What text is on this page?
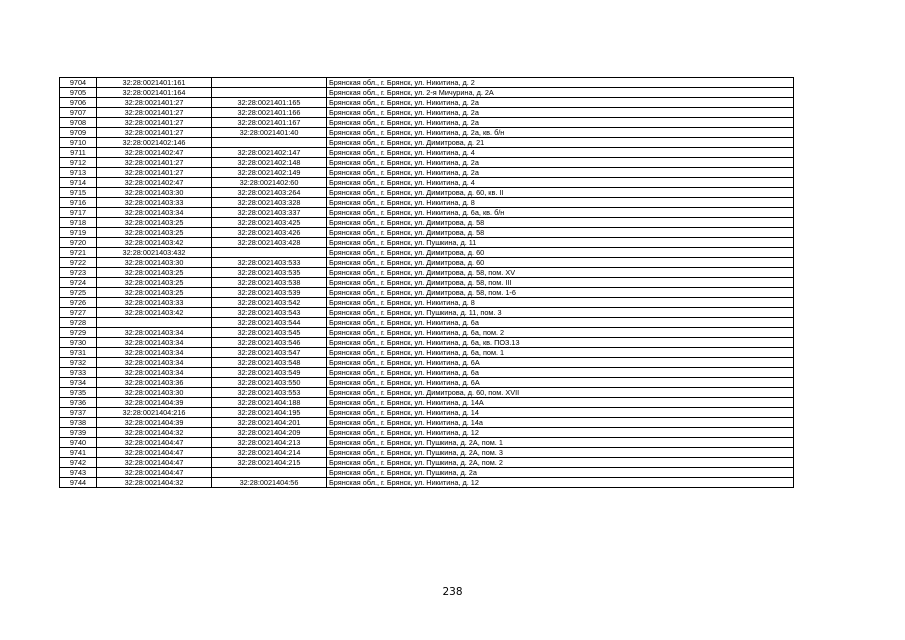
9704	32:28:0021401:161		Брянская обл., г. Брянск, ул. Никитина, д. 2
9705	32:28:0021401:164		Брянская обл., г. Брянск, ул. 2-я Мичурина, д. 2А
9706	32:28:0021401:27	32:28:0021401:165	Брянская обл., г. Брянск, ул. Никитина, д. 2а
9707	32:28:0021401:27	32:28:0021401:166	Брянская обл., г. Брянск, ул. Никитина, д. 2а
9708	32:28:0021401:27	32:28:0021401:167	Брянская обл., г. Брянск, ул. Никитина, д. 2а
9709	32:28:0021401:27	32:28:0021401:40	Брянская обл., г. Брянск, ул. Никитина, д. 2а, кв. б/н
9710	32:28:0021402:146		Брянская обл., г. Брянск, ул. Димитрова, д. 21
9711	32:28:0021402:47	32:28:0021402:147	Брянская обл., г. Брянск, ул. Никитина, д. 4
9712	32:28:0021401:27	32:28:0021402:148	Брянская обл., г. Брянск, ул. Никитина, д. 2а
9713	32:28:0021401:27	32:28:0021402:149	Брянская обл., г. Брянск, ул. Никитина, д. 2а
9714	32:28:0021402:47	32:28:0021402:60	Брянская обл., г. Брянск, ул. Никитина, д. 4
9715	32:28:0021403:30	32:28:0021403:264	Брянская обл., г. Брянск, ул. Димитрова, д. 60, кв. II
9716	32:28:0021403:33	32:28:0021403:328	Брянская обл., г. Брянск, ул. Никитина, д. 8
9717	32:28:0021403:34	32:28:0021403:337	Брянская обл., г. Брянск, ул. Никитина, д. 6а, кв. б/н
9718	32:28:0021403:25	32:28:0021403:425	Брянская обл., г. Брянск, ул. Димитрова, д. 58
9719	32:28:0021403:25	32:28:0021403:426	Брянская обл., г. Брянск, ул. Димитрова, д. 58
9720	32:28:0021403:42	32:28:0021403:428	Брянская обл., г. Брянск, ул. Пушкина, д. 11
9721	32:28:0021403:432		Брянская обл., г. Брянск, ул. Димитрова, д. 60
9722	32:28:0021403:30	32:28:0021403:533	Брянская обл., г. Брянск, ул. Димитрова, д. 60
9723	32:28:0021403:25	32:28:0021403:535	Брянская обл., г. Брянск, ул. Димитрова, д. 58, пом. XV
9724	32:28:0021403:25	32:28:0021403:538	Брянская обл., г. Брянск, ул. Димитрова, д. 58, пом. III
9725	32:28:0021403:25	32:28:0021403:539	Брянская обл., г. Брянск, ул. Димитрова, д. 58, пом. 1-6
9726	32:28:0021403:33	32:28:0021403:542	Брянская обл., г. Брянск, ул. Никитина, д. 8
9727	32:28:0021403:42	32:28:0021403:543	Брянская обл., г. Брянск, ул. Пушкина, д. 11, пом. 3
9728		32:28:0021403:544	Брянская обл., г. Брянск, ул. Никитина, д. 6а
9729	32:28:0021403:34	32:28:0021403:545	Брянская обл., г. Брянск, ул. Никитина, д. 6а, пом. 2
9730	32:28:0021403:34	32:28:0021403:546	Брянская обл., г. Брянск, ул. Никитина, д. 6а, кв. ПОЗ.13
9731	32:28:0021403:34	32:28:0021403:547	Брянская обл., г. Брянск, ул. Никитина, д. 6а, пом. 1
9732	32:28:0021403:34	32:28:0021403:548	Брянская обл., г. Брянск, ул. Никитина, д. 6А
9733	32:28:0021403:34	32:28:0021403:549	Брянская обл., г. Брянск, ул. Никитина, д. 6а
9734	32:28:0021403:36	32:28:0021403:550	Брянская обл., г. Брянск, ул. Никитина, д. 6А
9735	32:28:0021403:30	32:28:0021403:553	Брянская обл., г. Брянск, ул. Димитрова, д. 60, пом. XVII
9736	32:28:0021404:39	32:28:0021404:188	Брянская обл., г. Брянск, ул. Никитина, д. 14А
9737	32:28:0021404:216	32:28:0021404:195	Брянская обл., г. Брянск, ул. Никитина, д. 14
9738	32:28:0021404:39	32:28:0021404:201	Брянская обл., г. Брянск, ул. Никитина, д. 14а
9739	32:28:0021404:32	32:28:0021404:209	Брянская обл., г. Брянск, ул. Никитина, д. 12
9740	32:28:0021404:47	32:28:0021404:213	Брянская обл., г. Брянск, ул. Пушкина, д. 2А, пом. 1
9741	32:28:0021404:47	32:28:0021404:214	Брянская обл., г. Брянск, ул. Пушкина, д. 2А, пом. 3
9742	32:28:0021404:47	32:28:0021404:215	Брянская обл., г. Брянск, ул. Пушкина, д. 2А, пом. 2
9743	32:28:0021404:47		Брянская обл., г. Брянск, ул. Пушкина, д. 2а
9744	32:28:0021404:32	32:28:0021404:56	Брянская обл., г. Брянск, ул. Никитина, д. 12
238
